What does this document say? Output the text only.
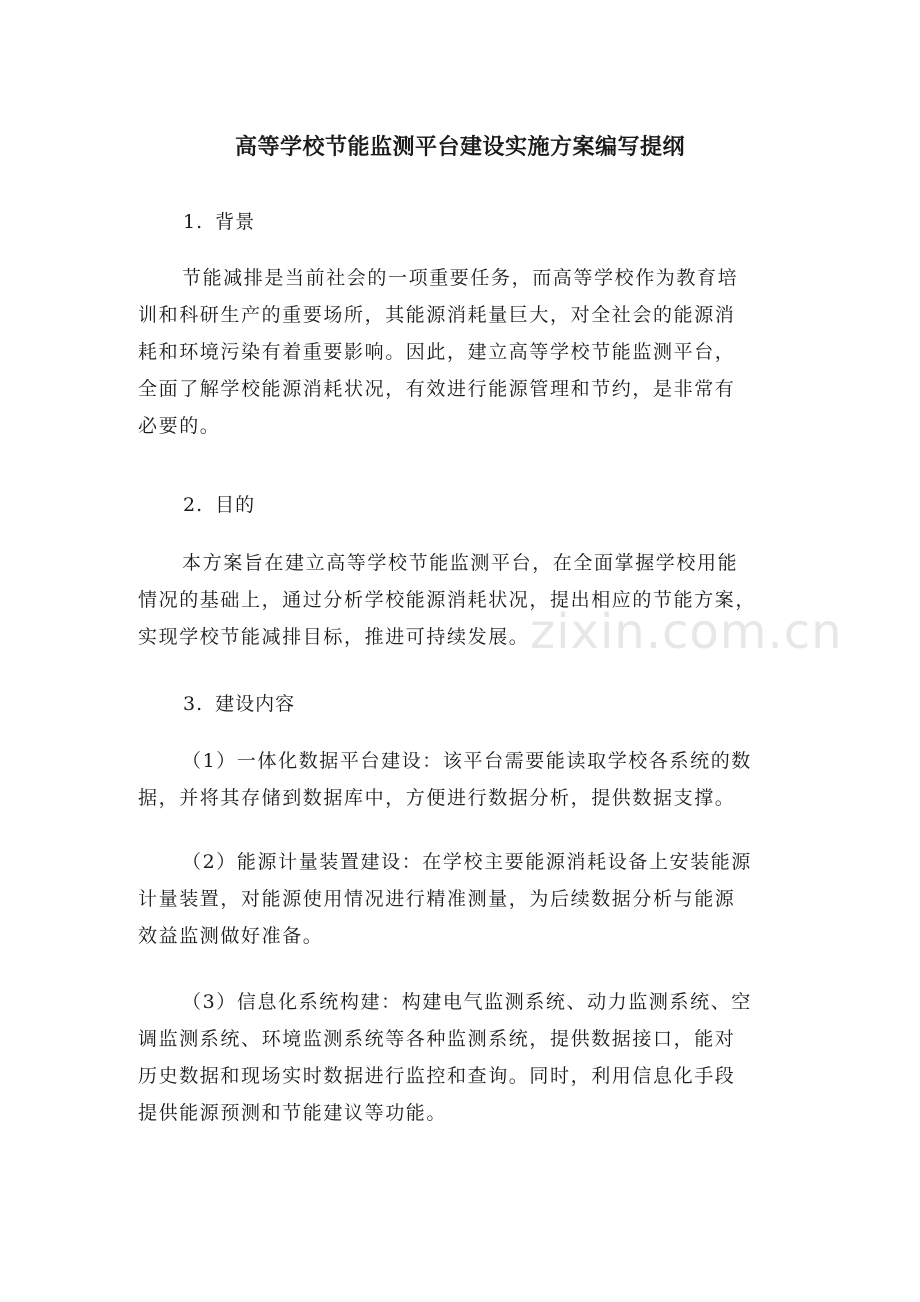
高等学校节能监测平台建设实施方案编写提纲
1. 背景

节能减排是当前社会的一项重要任务，而高等学校作为教育培
训和科研生产的重要场所，其能源消耗量巨大，对全社会的能源消
耗和环境污染有着重要影响。因此，建立高等学校节能监测平台，
全面了解学校能源消耗状况，有效进行能源管理和节约，是非常有
必要的。

2. 目的

本方案旨在建立高等学校节能监测平台，在全面掌握学校用能
情况的基础上，通过分析学校能源消耗状况，提出相应的节能方案，
实现学校节能减排目标，推进可持续发展。

3. 建设内容

（1）一体化数据平台建设：该平台需要能读取学校各系统的数
据，并将其存储到数据库中，方便进行数据分析，提供数据支撑。

（2）能源计量装置建设：在学校主要能源消耗设备上安装能源
计量装置，对能源使用情况进行精准测量，为后续数据分析与能源
效益监测做好准备。

（3）信息化系统构建：构建电气监测系统、动力监测系统、空
调监测系统、环境监测系统等各种监测系统，提供数据接口，能对
历史数据和现场实时数据进行监控和查询。同时，利用信息化手段
提供能源预测和节能建议等功能。

zixin.com.cn
